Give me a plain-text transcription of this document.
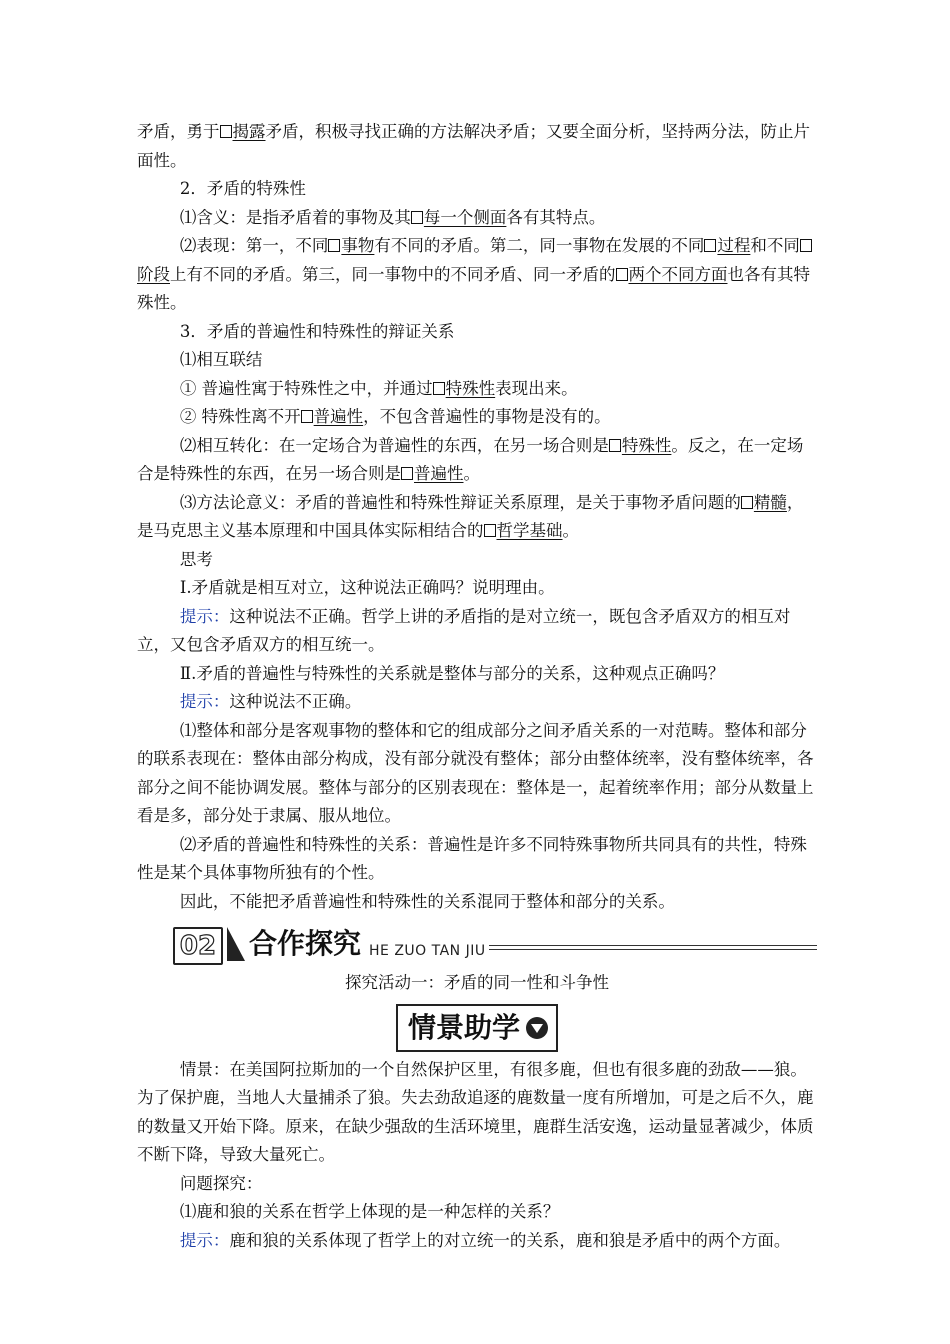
矛盾，勇于 揭露矛盾，积极寻找正确的方法解决矛盾；又要全面分析，坚持两分法，防止片面性。

2．矛盾的特殊性

⑴含义：是指矛盾着的事物及其 每一个侧面各有其特点。

⑵表现：第一，不同 事物有不同的矛盾。第二，同一事物在发展的不同 过程和不同阶段上有不同的矛盾。第三，同一事物中的不同矛盾、同一矛盾的 两个不同方面也各有其特殊性。

3．矛盾的普遍性和特殊性的辩证关系

⑴相互联结

① 普遍性寓于特殊性之中，并通过 特殊性表现出来。

② 特殊性离不开 普遍性，不包含普遍性的事物是没有的。

⑵相互转化：在一定场合为普遍性的东西，在另一场合则是 特殊性。反之，在一定场合是特殊性的东西，在另一场合则是 普遍性。

⑶方法论意义：矛盾的普遍性和特殊性辩证关系原理，是关于事物矛盾问题的 精髓，是马克思主义基本原理和中国具体实际相结合的 哲学基础。

思考

Ⅰ.矛盾就是相互对立，这种说法正确吗？说明理由。

提示：这种说法不正确。哲学上讲的矛盾指的是对立统一，既包含矛盾双方的相互对立，又包含矛盾双方的相互统一。

Ⅱ.矛盾的普遍性与特殊性的关系就是整体与部分的关系，这种观点正确吗？

提示：这种说法不正确。

⑴整体和部分是客观事物的整体和它的组成部分之间矛盾关系的一对范畴。整体和部分的联系表现在：整体由部分构成，没有部分就没有整体；部分由整体统率，没有整体统率，各部分之间不能协调发展。整体与部分的区别表现在：整体是一，起着统率作用；部分从数量上看是多，部分处于隶属、服从地位。

⑵矛盾的普遍性和特殊性的关系：普遍性是许多不同特殊事物所共同具有的共性，特殊性是某个具体事物所独有的个性。

因此，不能把矛盾普遍性和特殊性的关系混同于整体和部分的关系。

02 合作探究 HE ZUO TAN JIU

探究活动一：矛盾的同一性和斗争性

情景助学

情景：在美国阿拉斯加的一个自然保护区里，有很多鹿，但也有很多鹿的劲敌——狼。为了保护鹿，当地人大量捕杀了狼。失去劲敌追逐的鹿数量一度有所增加，可是之后不久，鹿的数量又开始下降。原来，在缺少强敌的生活环境里，鹿群生活安逸，运动量显著减少，体质不断下降，导致大量死亡。

问题探究：

⑴鹿和狼的关系在哲学上体现的是一种怎样的关系？

提示：鹿和狼的关系体现了哲学上的对立统一的关系，鹿和狼是矛盾中的两个方面。
